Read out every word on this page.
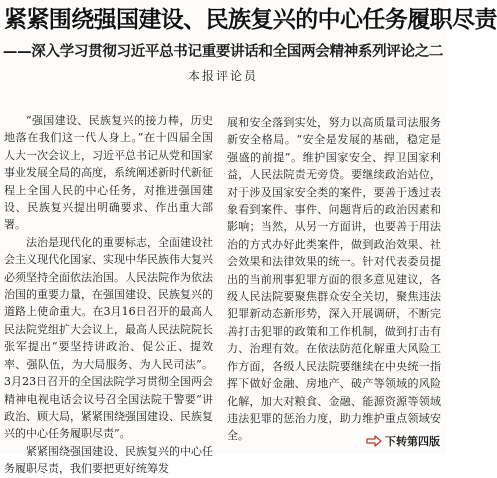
紧紧围绕强国建设、民族复兴的中心任务履职尽责
——深入学习贯彻习近平总书记重要讲话和全国两会精神系列评论之二
本报评论员

“强国建设、民族复兴的接力棒，历史地落在我们这一代人身上。”在十四届全国人大一次会议上，习近平总书记从党和国家事业发展全局的高度，系统阐述新时代新征程上全国人民的中心任务，对推进强国建设、民族复兴提出明确要求、作出重大部署。

法治是现代化的重要标志，全面建设社会主义现代化国家、实现中华民族伟大复兴必须坚持全面依法治国。人民法院作为依法治国的重要力量，在强国建设、民族复兴的道路上使命重大。在3月16日召开的最高人民法院党组扩大会议上，最高人民法院院长张军提出“要坚持讲政治、促公正、提效率、强队伍，为大局服务、为人民司法”。3月23日召开的全国法院学习贯彻全国两会精神电视电话会议号召全国法院干警要“讲政治、顾大局，紧紧围绕强国建设、民族复兴的中心任务履职尽责”。

紧紧围绕强国建设、民族复兴的中心任务履职尽责，我们要把更好统筹发

展和安全落到实处，努力以高质量司法服务新安全格局。“安全是发展的基础，稳定是强盛的前提”。维护国家安全、捍卫国家利益，人民法院责无旁贷。要继续政治站位，对于涉及国家安全类的案件，要善于透过表象看到案件、事件、问题背后的政治因素和影响；当然，从另一方面讲，也要善于用法治的方式办好此类案件，做到政治效果、社会效果和法律效果的统一。针对代表委员提出的当前刑事犯罪方面的很多意见建议，各级人民法院要聚焦群众安全关切，聚焦违法犯罪新动态新形势，深入开展调研，不断完善打击犯罪的政策和工作机制，做到打击有力、治理有效。在依法防范化解重大风险工作方面，各级人民法院要继续在中央统一指挥下做好金融、房地产、破产等领域的风险化解，加大对粮食、金融、能源资源等领域违法犯罪的惩治力度，助力维护重点领域安全。	下转第四版
